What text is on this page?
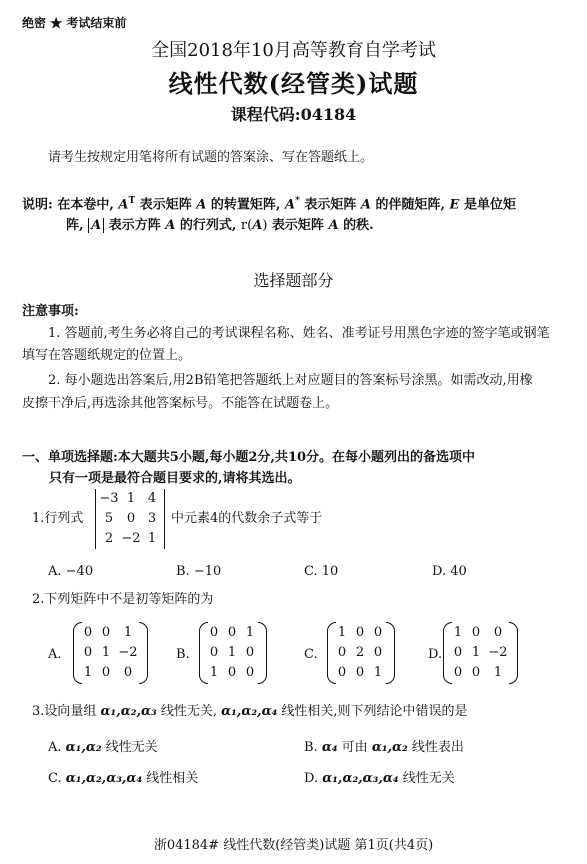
绝密 ★ 考试结束前
全国2018年10月高等教育自学考试
线性代数(经管类)试题
课程代码:04184
请考生按规定用笔将所有试题的答案涂、写在答题纸上。
说明: 在本卷中, $A^T$ 表示矩阵 A 的转置矩阵, A* 表示矩阵 A 的伴随矩阵, E 是单位矩
阵, A 表示方阵 A 的行列式, r(A) 表示矩阵 A 的秩.
选择题部分
注意事项:
1. 答题前,考生务必将自己的考试课程名称、姓名、准考证号用黑色字迹的签字笔或钢笔
填写在答题纸规定的位置上。
2. 每小题选出答案后,用2B铅笔把答题纸上对应题目的答案标号涂黑。如需改动,用橡
皮擦干净后,再选涂其他答案标号。不能答在试题卷上。
一、单项选择题:本大题共5小题,每小题2分,共10分。在每小题列出的备选项中
只有一项是最符合题目要求的,请将其选出。
1.行列式
−3 1 4
5 0 3
2 −2 1
中元素4的代数余子式等于
A. −40	B. −10	C. 10	D. 40
2.下列矩阵中不是初等矩阵的为
A.	B.	C.	D.
0 0 1
0 1 −2
1 0 0
0 0 1
0 1 0
1 0 0
1 0 0
0 2 0
0 0 1
1 0 0
0 1 −2
0 0 1
3.设向量组 α₁,α₂,α₃ 线性无关, α₁,α₂,α₄ 线性相关,则下列结论中错误的是
A. α₁,α₂ 线性无关	B. α₄ 可由 α₁,α₂ 线性表出
C. α₁,α₂,α₃,α₄ 线性相关	D. α₁,α₂,α₃,α₄ 线性无关
浙04184# 线性代数(经管类)试题 第1页(共4页)
